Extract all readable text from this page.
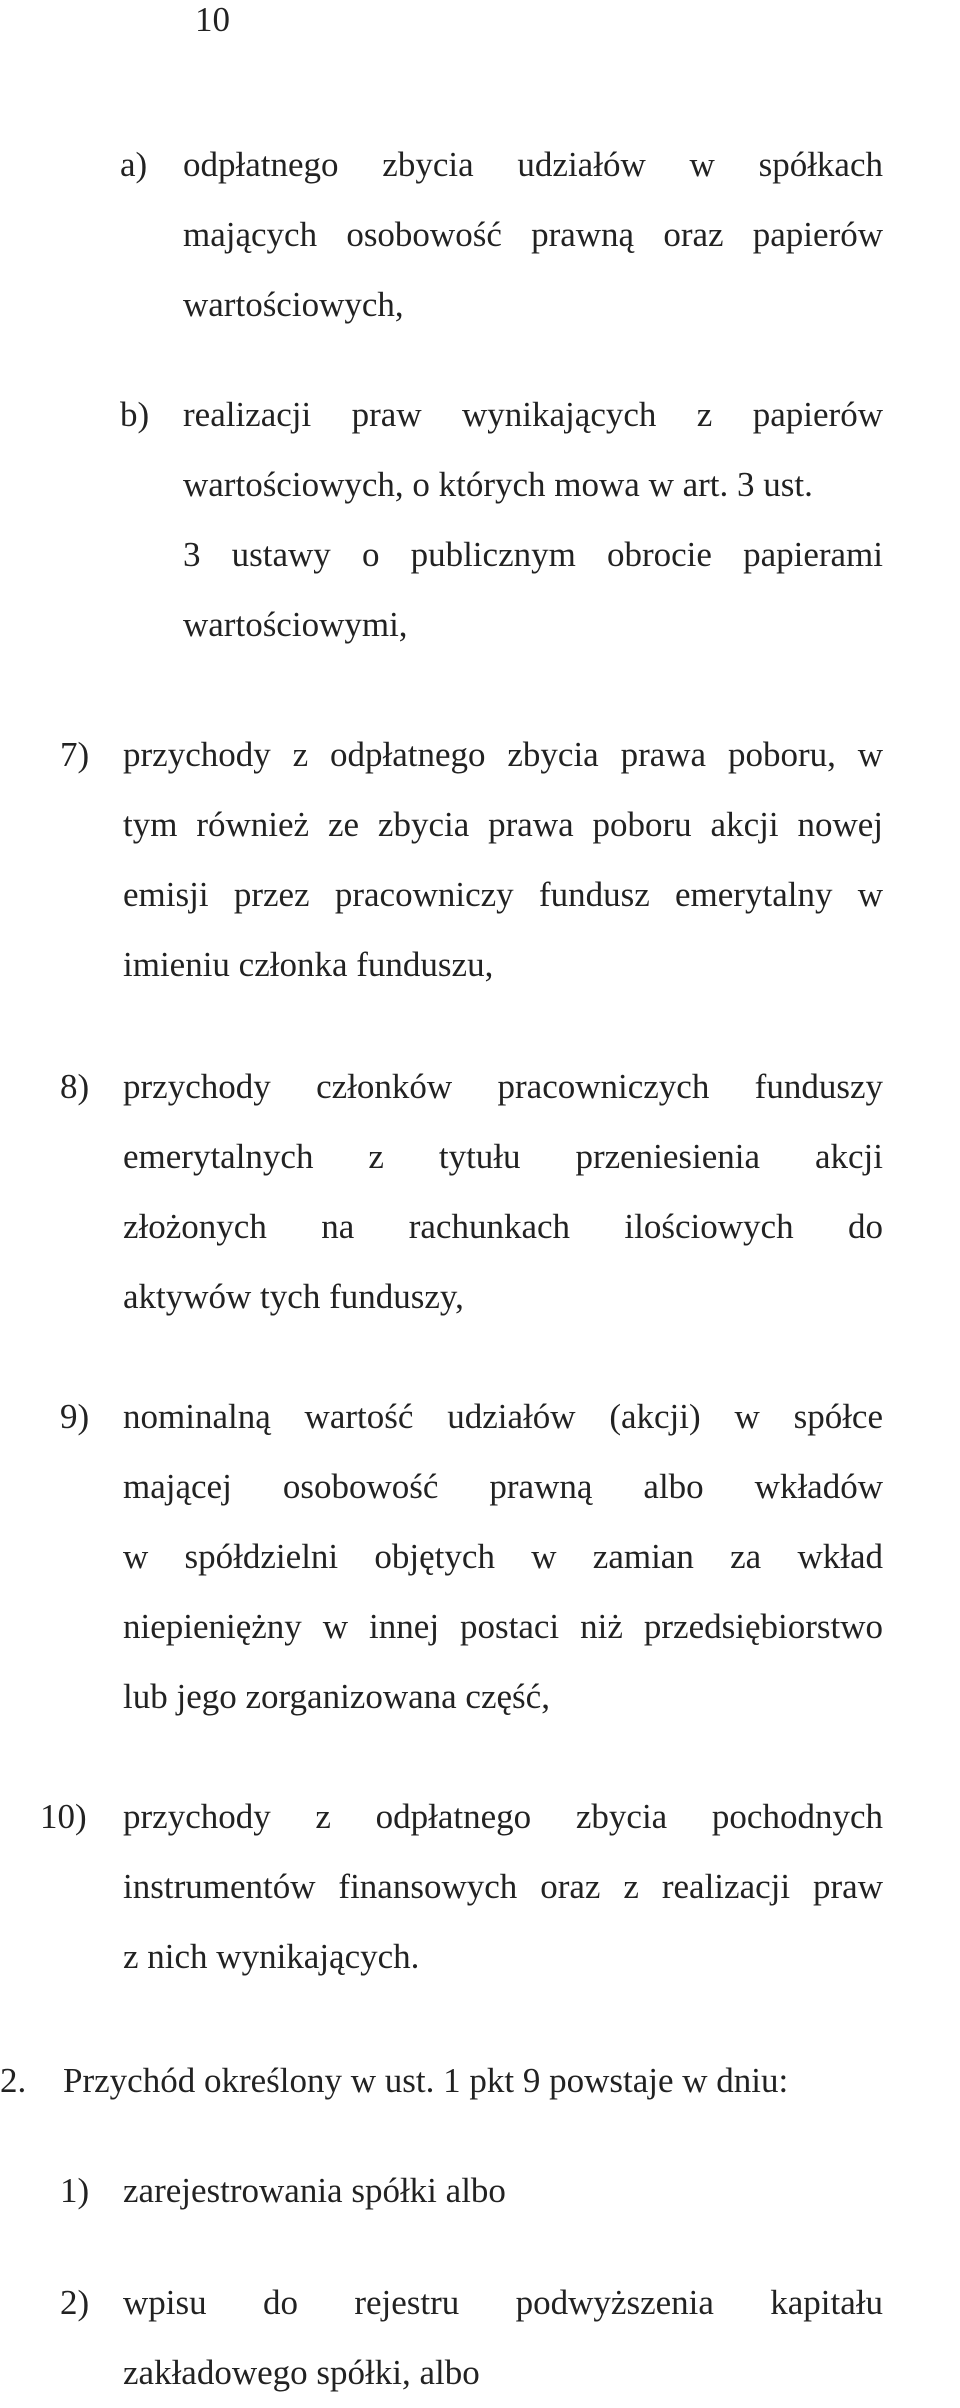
10
a) odpłatnego zbycia udziałów w spółkach
mających osobowość prawną oraz papierów
wartościowych,
b) realizacji praw wynikających z papierów
wartościowych, o których mowa w art. 3 ust.
3 ustawy o publicznym obrocie papierami
wartościowymi,
7) przychody z odpłatnego zbycia prawa poboru, w
tym również ze zbycia prawa poboru akcji nowej
emisji przez pracowniczy fundusz emerytalny w
imieniu członka funduszu,
8) przychody członków pracowniczych funduszy
emerytalnych z tytułu przeniesienia akcji
złożonych na rachunkach ilościowych do
aktywów tych funduszy,
9) nominalną wartość udziałów (akcji) w spółce
mającej osobowość prawną albo wkładów
w spółdzielni objętych w zamian za wkład
niepieniężny w innej postaci niż przedsiębiorstwo
lub jego zorganizowana część,
10) przychody z odpłatnego zbycia pochodnych
instrumentów finansowych oraz z realizacji praw
z nich wynikających.
2. Przychód określony w ust. 1 pkt 9 powstaje w dniu:
1) zarejestrowania spółki albo
2) wpisu do rejestru podwyższenia kapitału
zakładowego spółki, albo
